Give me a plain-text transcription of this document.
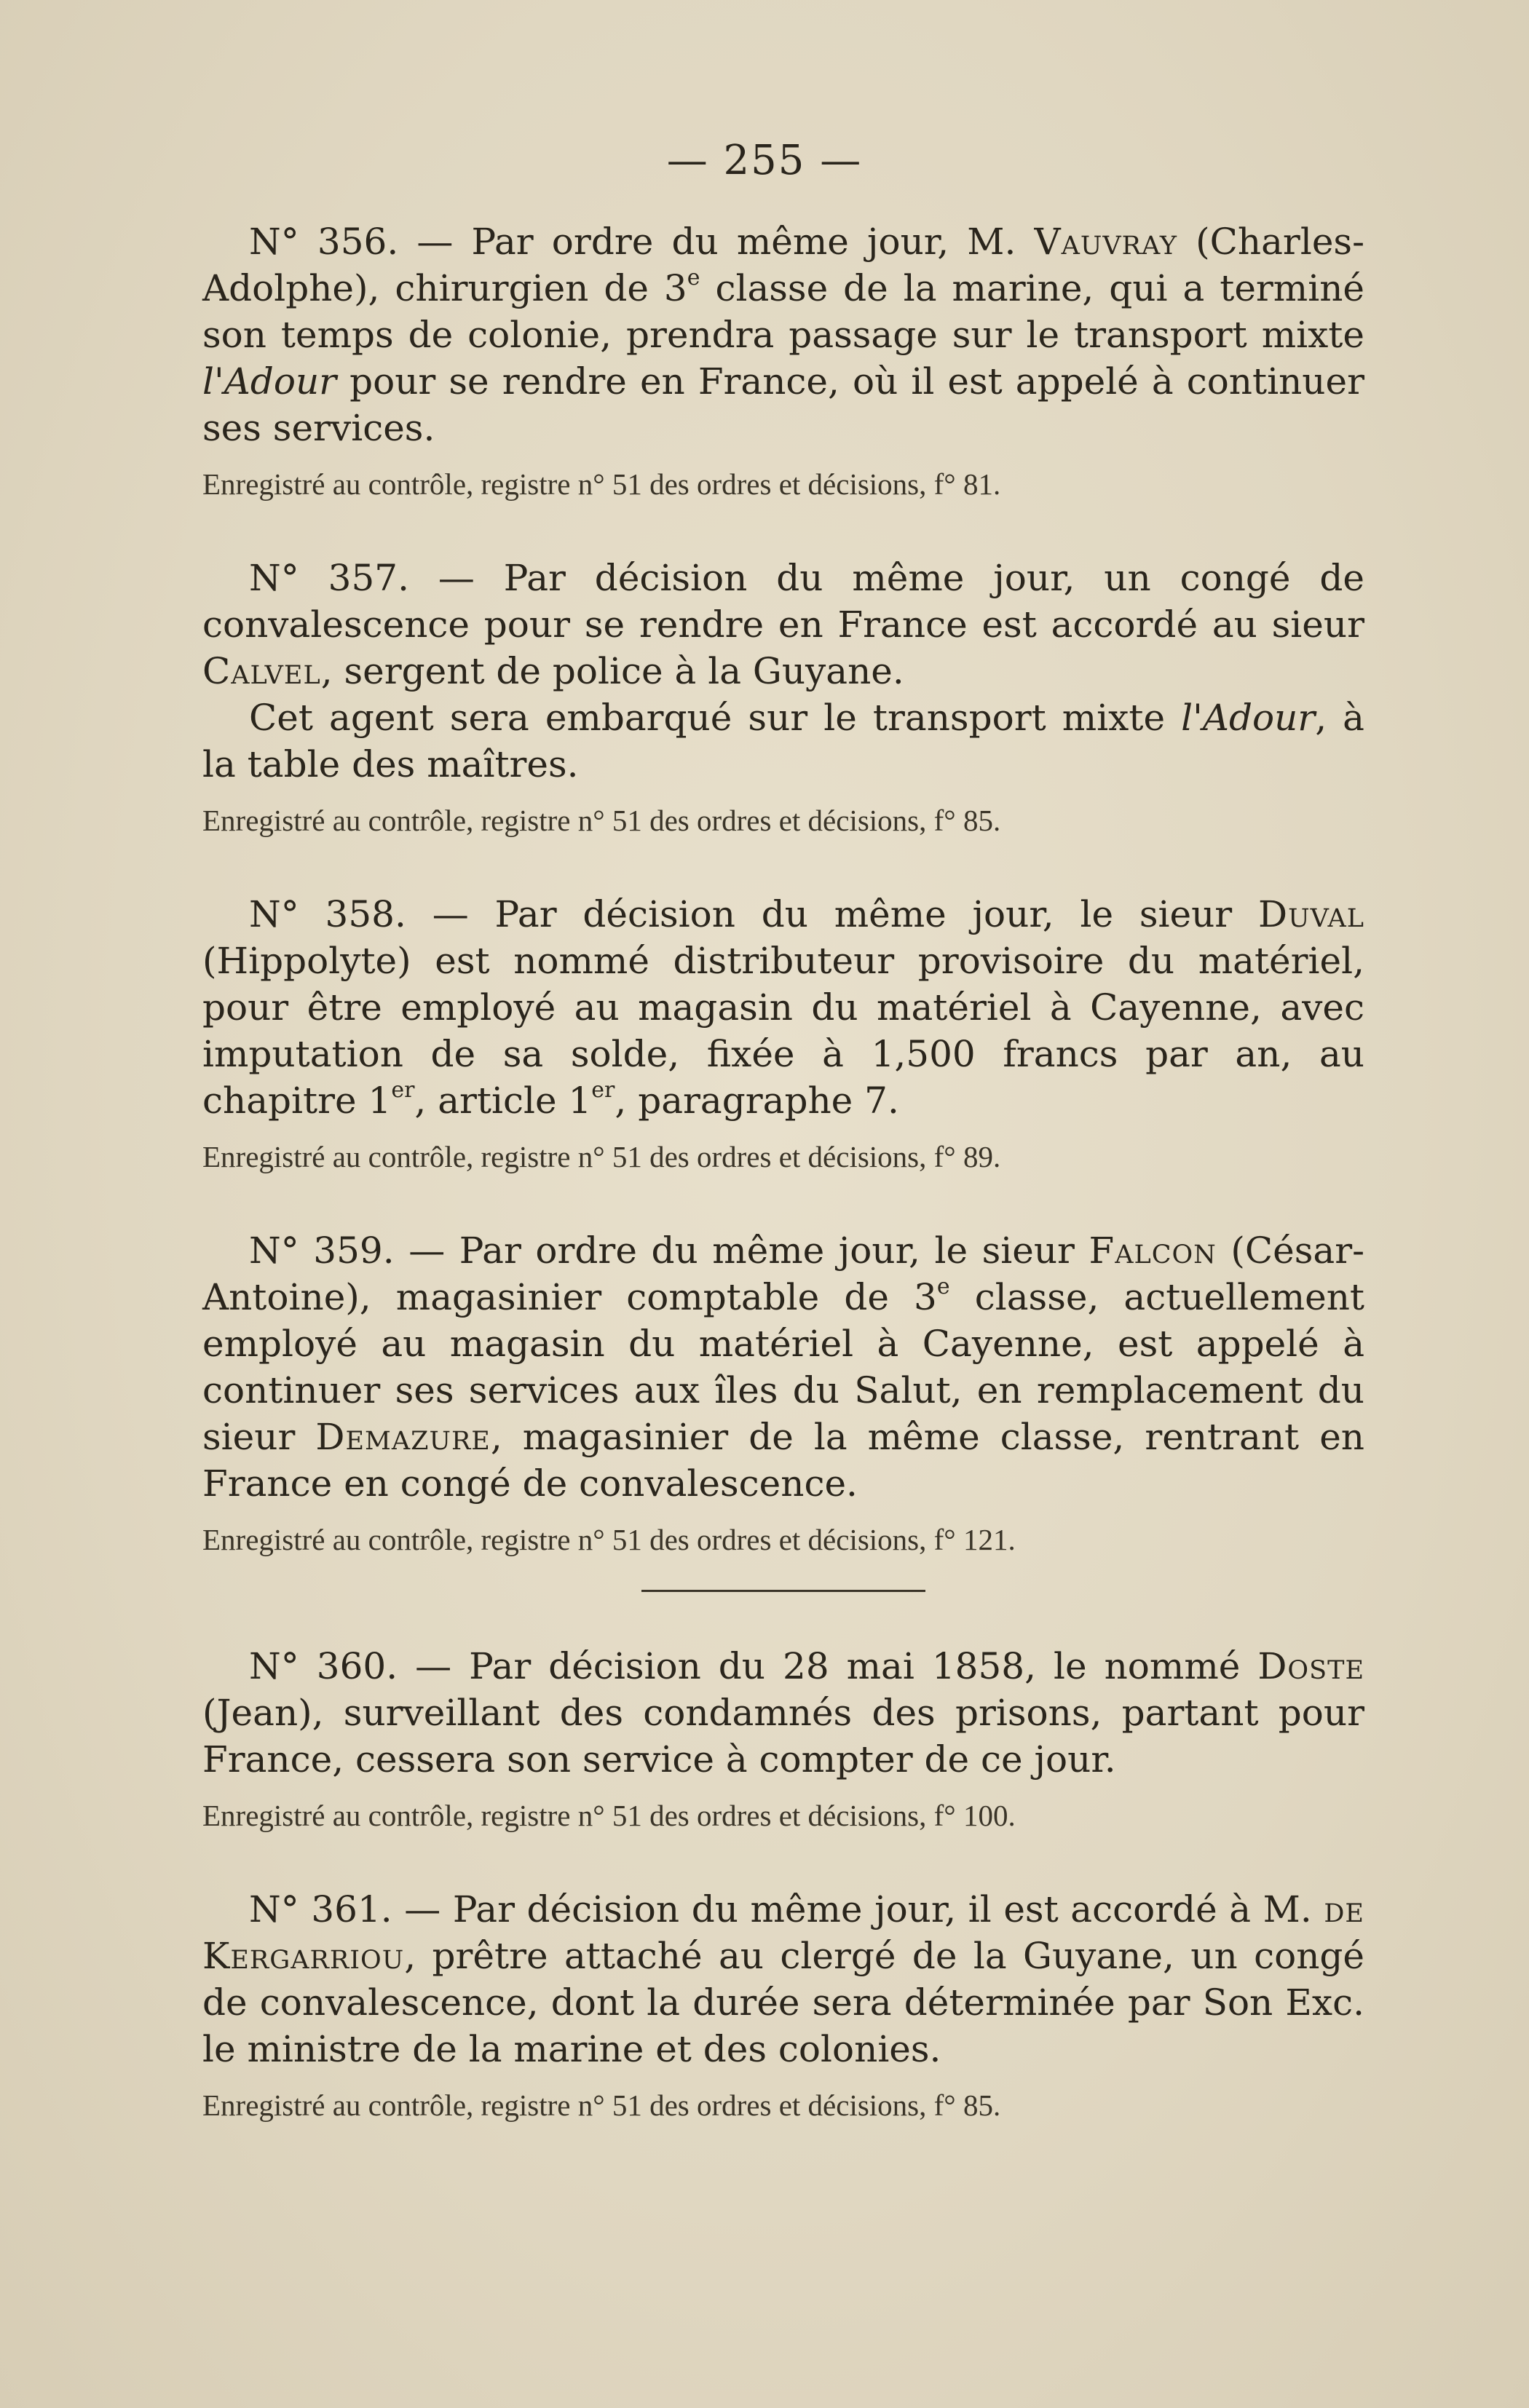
— 255 —

N° 356. — Par ordre du même jour, M. Vauvray (Charles-Adolphe), chirurgien de 3e classe de la marine, qui a terminé son temps de colonie, prendra passage sur le transport mixte l'Adour pour se rendre en France, où il est appelé à continuer ses services.

Enregistré au contrôle, registre n° 51 des ordres et décisions, f° 81.

N° 357. — Par décision du même jour, un congé de convalescence pour se rendre en France est accordé au sieur Calvel, sergent de police à la Guyane.

Cet agent sera embarqué sur le transport mixte l'Adour, à la table des maîtres.

Enregistré au contrôle, registre n° 51 des ordres et décisions, f° 85.

N° 358. — Par décision du même jour, le sieur Duval (Hippolyte) est nommé distributeur provisoire du matériel, pour être employé au magasin du matériel à Cayenne, avec imputation de sa solde, fixée à 1,500 francs par an, au chapitre 1er, article 1er, paragraphe 7.

Enregistré au contrôle, registre n° 51 des ordres et décisions, f° 89.

N° 359. — Par ordre du même jour, le sieur Falcon (César-Antoine), magasinier comptable de 3e classe, actuellement employé au magasin du matériel à Cayenne, est appelé à continuer ses services aux îles du Salut, en remplacement du sieur Demazure, magasinier de la même classe, rentrant en France en congé de convalescence.

Enregistré au contrôle, registre n° 51 des ordres et décisions, f° 121.

N° 360. — Par décision du 28 mai 1858, le nommé Doste (Jean), surveillant des condamnés des prisons, partant pour France, cessera son service à compter de ce jour.

Enregistré au contrôle, registre n° 51 des ordres et décisions, f° 100.

N° 361. — Par décision du même jour, il est accordé à M. de Kergarriou, prêtre attaché au clergé de la Guyane, un congé de convalescence, dont la durée sera déterminée par Son Exc. le ministre de la marine et des colonies.

Enregistré au contrôle, registre n° 51 des ordres et décisions, f° 85.
